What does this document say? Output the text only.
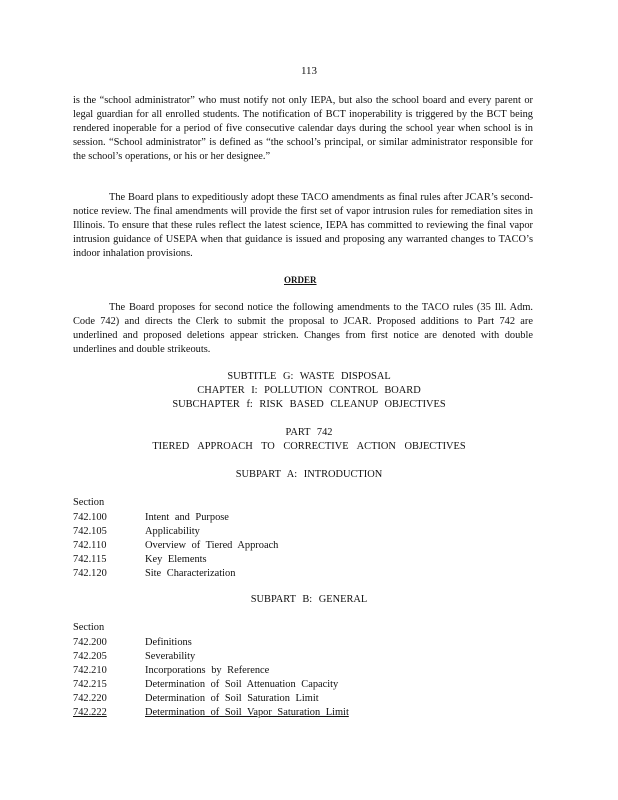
113

is the “school administrator” who must notify not only IEPA, but also the school board and every parent or legal guardian for all enrolled students. The notification of BCT inoperability is triggered by the BCT being rendered inoperable for a period of five consecutive calendar days during the school year when school is in session. “School administrator” is defined as “the school’s principal, or similar administrator responsible for the school’s operations, or his or her designee.”

The Board plans to expeditiously adopt these TACO amendments as final rules after JCAR’s second-notice review. The final amendments will provide the first set of vapor intrusion rules for remediation sites in Illinois. To ensure that these rules reflect the latest science, IEPA has committed to reviewing the final vapor intrusion guidance of USEPA when that guidance is issued and proposing any warranted changes to TACO’s indoor inhalation provisions.

ORDER

The Board proposes for second notice the following amendments to the TACO rules (35 Ill. Adm. Code 742) and directs the Clerk to submit the proposal to JCAR. Proposed additions to Part 742 are underlined and proposed deletions appear stricken. Changes from first notice are denoted with double underlines and double strikeouts.

SUBTITLE G: WASTE DISPOSAL
CHAPTER I: POLLUTION CONTROL BOARD
SUBCHAPTER f: RISK BASED CLEANUP OBJECTIVES
PART 742
TIERED APPROACH TO CORRECTIVE ACTION OBJECTIVES
SUBPART A: INTRODUCTION
Section
742.100	Intent and Purpose
742.105	Applicability
742.110	Overview of Tiered Approach
742.115	Key Elements
742.120	Site Characterization
SUBPART B: GENERAL
Section
742.200	Definitions
742.205	Severability
742.210	Incorporations by Reference
742.215	Determination of Soil Attenuation Capacity
742.220	Determination of Soil Saturation Limit
742.222	Determination of Soil Vapor Saturation Limit
